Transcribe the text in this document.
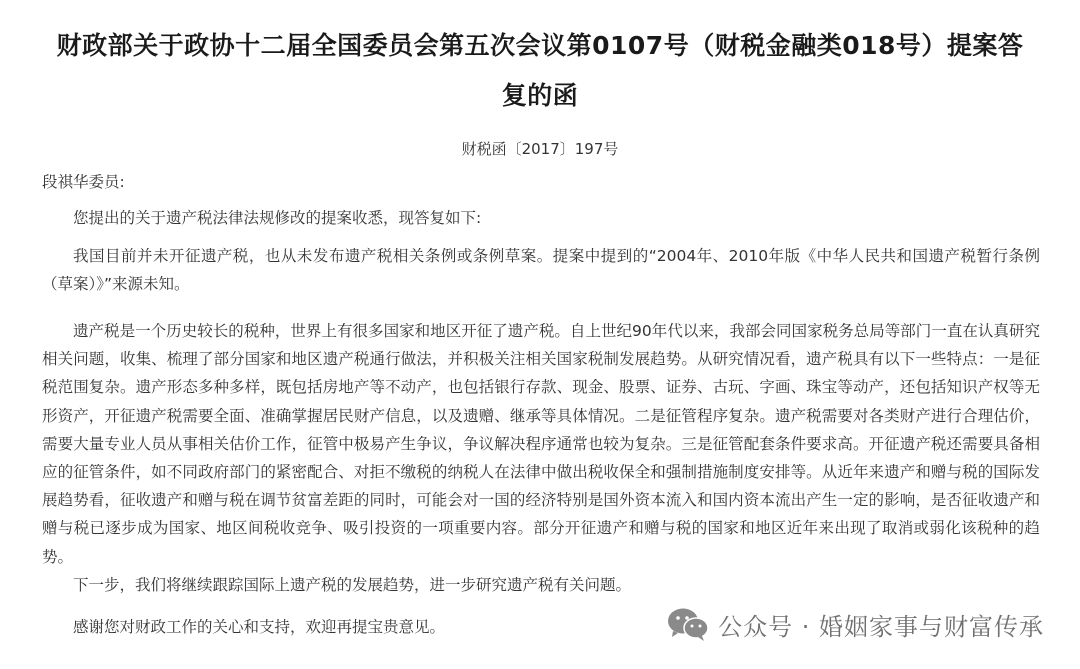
财政部关于政协十二届全国委员会第五次会议第0107号（财税金融类018号）提案答
复的函
财税函〔2017〕197号
段祺华委员:

您提出的关于遗产税法律法规修改的提案收悉，现答复如下:

我国目前并未开征遗产税，也从未发布遗产税相关条例或条例草案。提案中提到的“2004年、2010年版《中华人民共和国遗产税暂行条例（草案）》”来源未知。

遗产税是一个历史较长的税种，世界上有很多国家和地区开征了遗产税。自上世纪90年代以来，我部会同国家税务总局等部门一直在认真研究相关问题，收集、梳理了部分国家和地区遗产税通行做法，并积极关注相关国家税制发展趋势。从研究情况看，遗产税具有以下一些特点：一是征税范围复杂。遗产形态多种多样，既包括房地产等不动产，也包括银行存款、现金、股票、证券、古玩、字画、珠宝等动产，还包括知识产权等无形资产，开征遗产税需要全面、准确掌握居民财产信息，以及遗赠、继承等具体情况。二是征管程序复杂。遗产税需要对各类财产进行合理估价，需要大量专业人员从事相关估价工作，征管中极易产生争议，争议解决程序通常也较为复杂。三是征管配套条件要求高。开征遗产税还需要具备相应的征管条件，如不同政府部门的紧密配合、对拒不缴税的纳税人在法律中做出税收保全和强制措施制度安排等。从近年来遗产和赠与税的国际发展趋势看，征收遗产和赠与税在调节贫富差距的同时，可能会对一国的经济特别是国外资本流入和国内资本流出产生一定的影响，是否征收遗产和赠与税已逐步成为国家、地区间税收竞争、吸引投资的一项重要内容。部分开征遗产和赠与税的国家和地区近年来出现了取消或弱化该税种的趋势。

下一步，我们将继续跟踪国际上遗产税的发展趋势，进一步研究遗产税有关问题。

感谢您对财政工作的关心和支持，欢迎再提宝贵意见。	公众号 · 婚姻家事与财富传承
